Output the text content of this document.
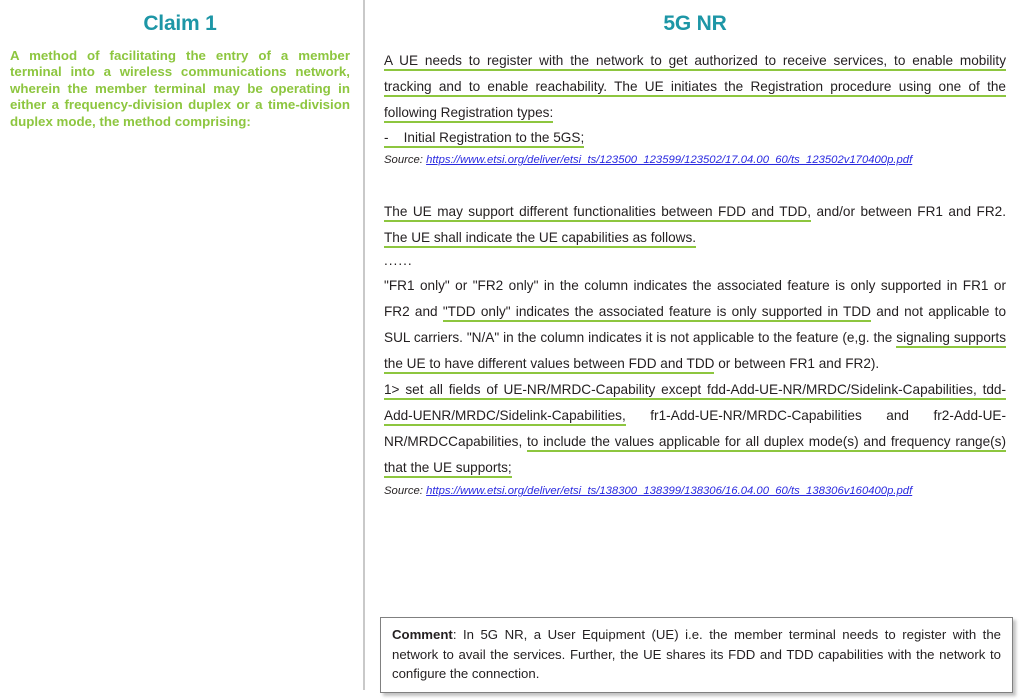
Claim 1

A method of facilitating the entry of a member terminal into a wireless communications network, wherein the member terminal may be operating in either a frequency-division duplex or a time-division duplex mode, the method comprising:

5G NR

A UE needs to register with the network to get authorized to receive services, to enable mobility tracking and to enable reachability. The UE initiates the Registration procedure using one of the following Registration types:

-    Initial Registration to the 5GS;

Source: https://www.etsi.org/deliver/etsi_ts/123500_123599/123502/17.04.00_60/ts_123502v170400p.pdf

The UE may support different functionalities between FDD and TDD, and/or between FR1 and FR2. The UE shall indicate the UE capabilities as follows.

......

"FR1 only" or "FR2 only" in the column indicates the associated feature is only supported in FR1 or FR2 and "TDD only" indicates the associated feature is only supported in TDD and not applicable to SUL carriers. "N/A" in the column indicates it is not applicable to the feature (e,g. the signaling supports the UE to have different values between FDD and TDD or between FR1 and FR2).

1> set all fields of UE-NR/MRDC-Capability except fdd-Add-UE-NR/MRDC/Sidelink-Capabilities, tdd-Add-UENR/MRDC/Sidelink-Capabilities, fr1-Add-UE-NR/MRDC-Capabilities and fr2-Add-UE-NR/MRDCCapabilities, to include the values applicable for all duplex mode(s) and frequency range(s) that the UE supports;

Source: https://www.etsi.org/deliver/etsi_ts/138300_138399/138306/16.04.00_60/ts_138306v160400p.pdf

Comment: In 5G NR, a User Equipment (UE) i.e. the member terminal needs to register with the network to avail the services. Further, the UE shares its FDD and TDD capabilities with the network to configure the connection.
